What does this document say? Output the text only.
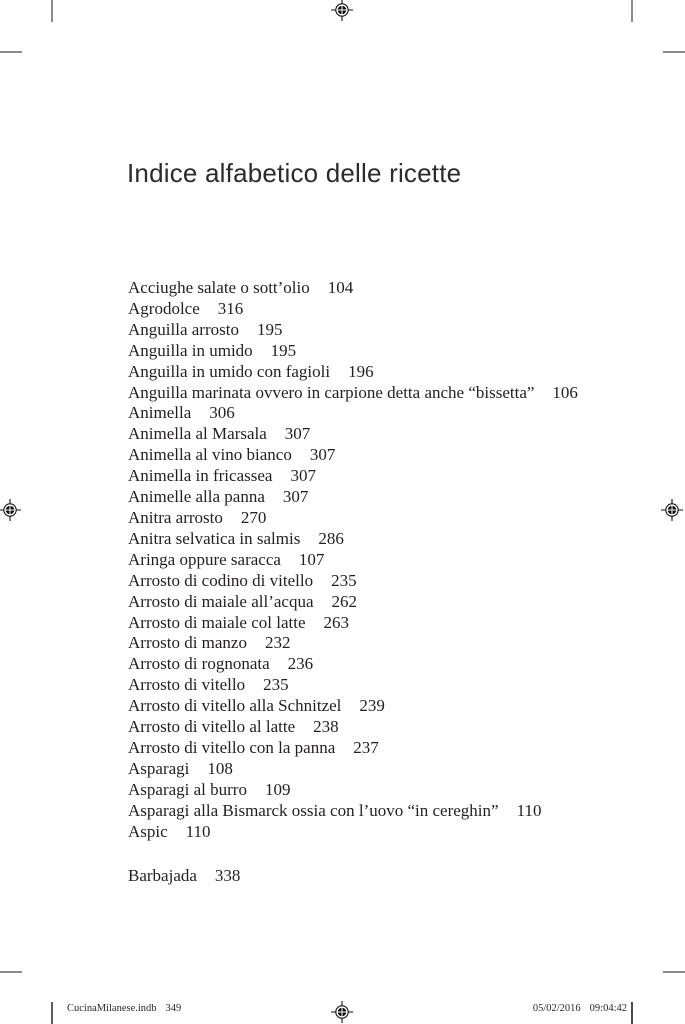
Indice alfabetico delle ricette
Acciughe salate o sott’olio 104
Agrodolce 316
Anguilla arrosto 195
Anguilla in umido 195
Anguilla in umido con fagioli 196
Anguilla marinata ovvero in carpione detta anche “bissetta” 106
Animella 306
Animella al Marsala 307
Animella al vino bianco 307
Animella in fricassea 307
Animelle alla panna 307
Anitra arrosto 270
Anitra selvatica in salmis 286
Aringa oppure saracca 107
Arrosto di codino di vitello 235
Arrosto di maiale all’acqua 262
Arrosto di maiale col latte 263
Arrosto di manzo 232
Arrosto di rognonata 236
Arrosto di vitello 235
Arrosto di vitello alla Schnitzel 239
Arrosto di vitello al latte 238
Arrosto di vitello con la panna 237
Asparagi 108
Asparagi al burro 109
Asparagi alla Bismarck ossia con l’uovo “in cereghin” 110
Aspic 110
Barbajada 338
CucinaMilanese.indb 349	05/02/2016 09:04:42
